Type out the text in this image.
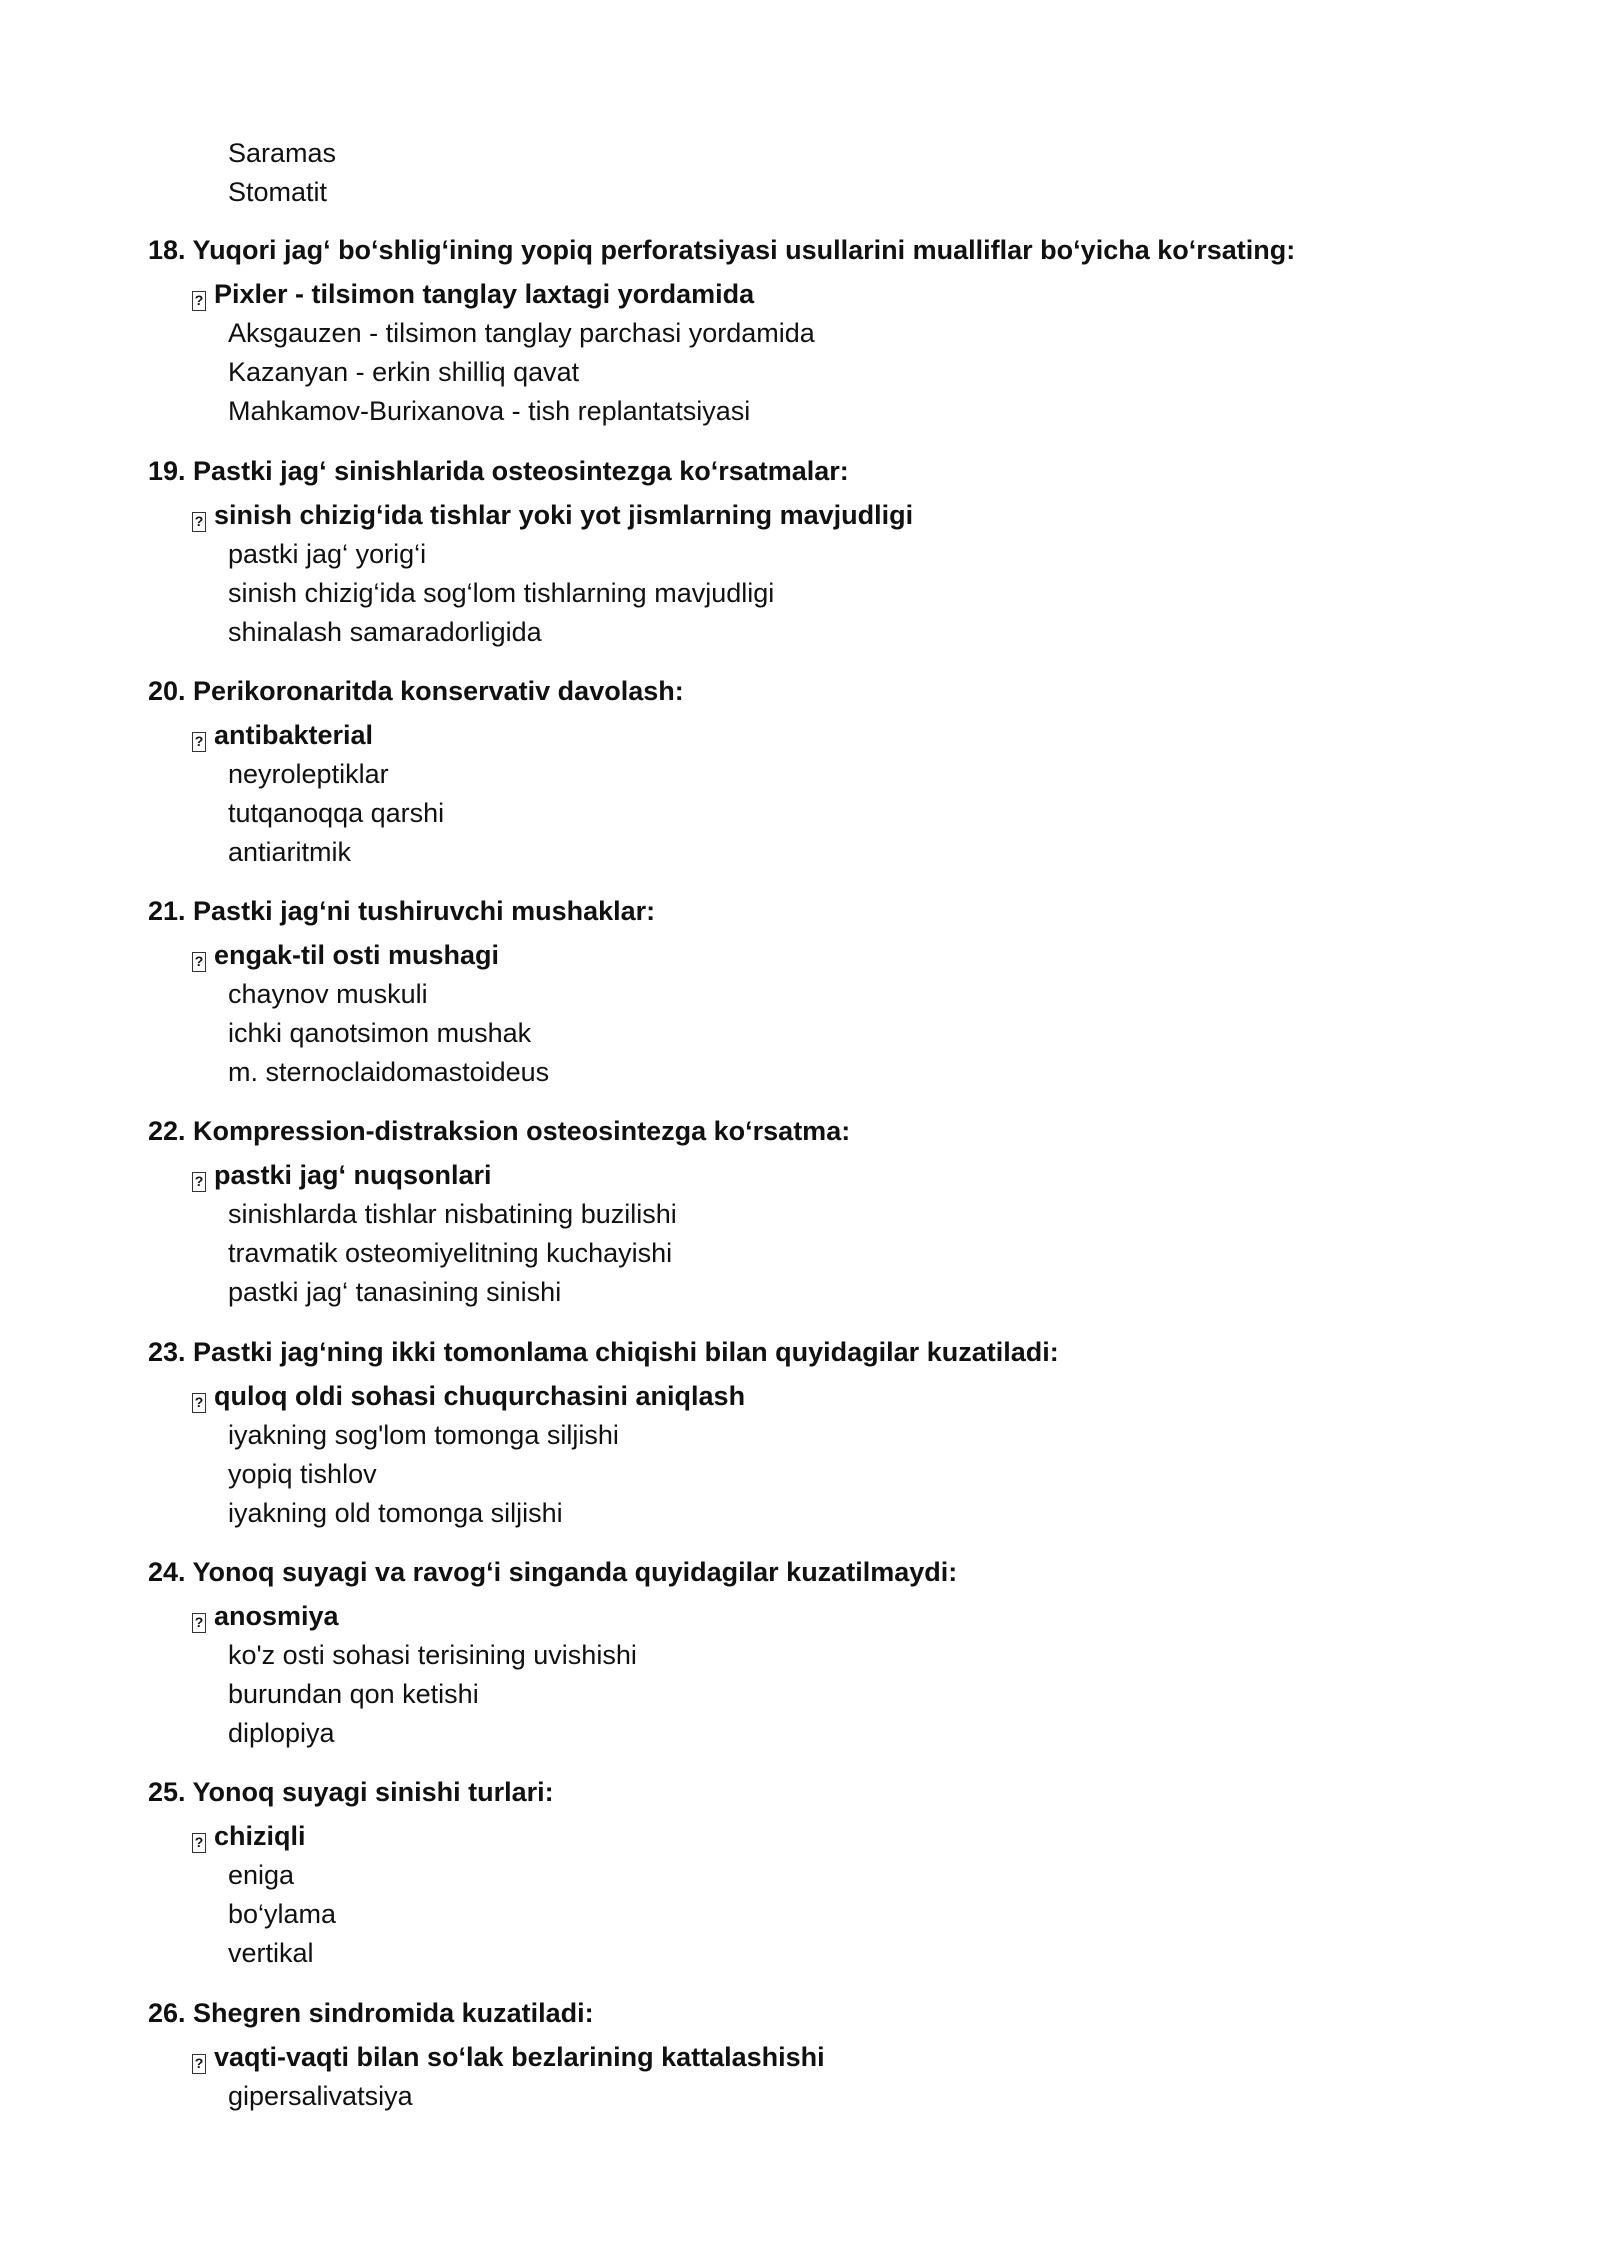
Saramas
Stomatit
18. Yuqori jag‘ bo‘shlig‘ining yopiq perforatsiyasi usullarini mualliflar bo‘yicha ko‘rsating:
? Pixler - tilsimon tanglay laxtagi yordamida
Aksgauzen - tilsimon tanglay parchasi yordamida
Kazanyan - erkin shilliq qavat
Mahkamov-Burixanova - tish replantatsiyasi
19. Pastki jag‘ sinishlarida osteosintezga ko‘rsatmalar:
? sinish chizig‘ida tishlar yoki yot jismlarning mavjudligi
pastki jag‘ yorig‘i
sinish chizig‘ida sog‘lom tishlarning mavjudligi
shinalash samaradorligida
20. Perikoronaritda konservativ davolash:
? antibakterial
neyroleptiklar
tutqanoqqa qarshi
antiaritmik
21. Pastki jag‘ni tushiruvchi mushaklar:
? engak-til osti mushagi
chaynov muskuli
ichki qanotsimon mushak
m. sternoclaidomastoideus
22. Kompression-distraksion osteosintezga ko‘rsatma:
? pastki jag‘ nuqsonlari
sinishlarda tishlar nisbatining buzilishi
travmatik osteomiyelitning kuchayishi
pastki jag‘ tanasining sinishi
23. Pastki jag‘ning ikki tomonlama chiqishi bilan quyidagilar kuzatiladi:
? quloq oldi sohasi chuqurchasini aniqlash
iyakning sog'lom tomonga siljishi
yopiq tishlov
iyakning old tomonga siljishi
24. Yonoq suyagi va ravog‘i singanda quyidagilar kuzatilmaydi:
? anosmiya
ko'z osti sohasi terisining uvishishi
burundan qon ketishi
diplopiya
25. Yonoq suyagi sinishi turlari:
? chiziqli
eniga
bo‘ylama
vertikal
26. Shegren sindromida kuzatiladi:
? vaqti-vaqti bilan so‘lak bezlarining kattalashishi
gipersalivatsiya
